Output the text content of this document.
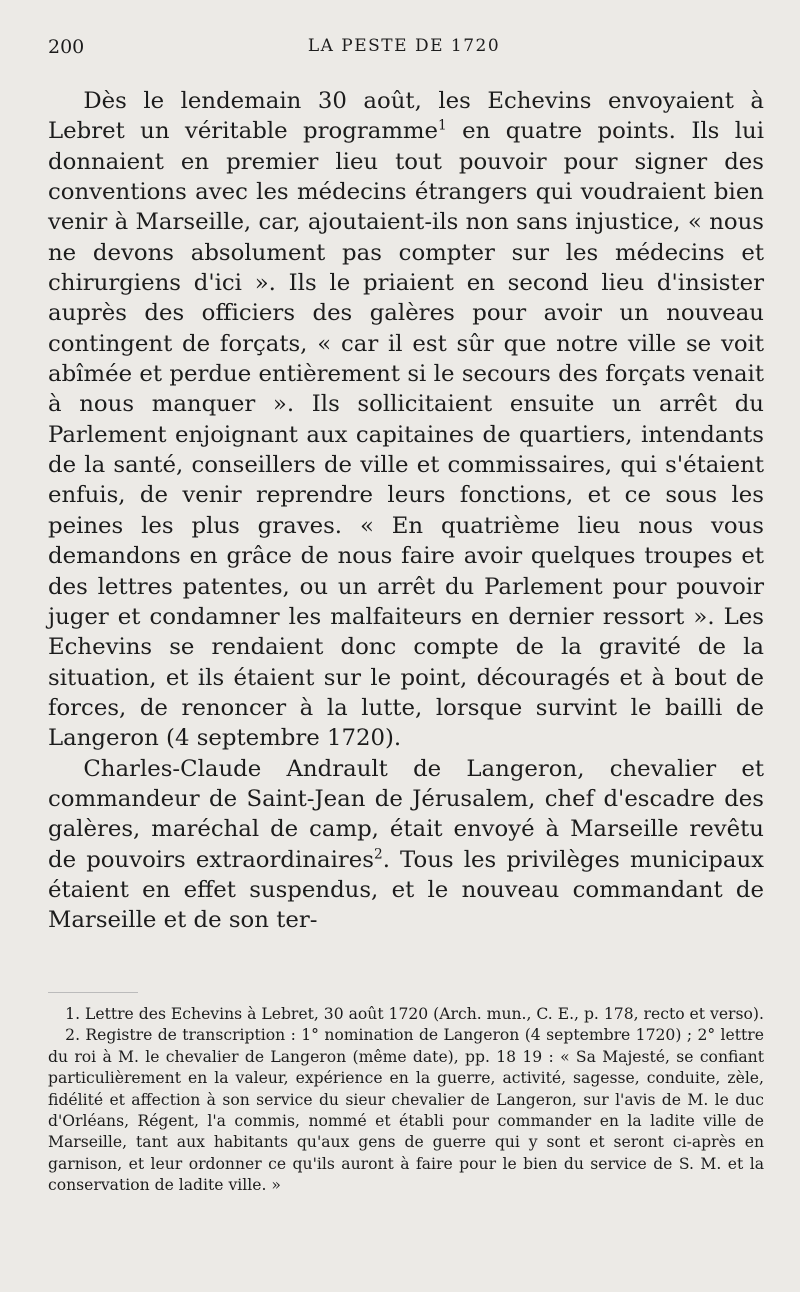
200	LA PESTE DE 1720

Dès le lendemain 30 août, les Echevins envoyaient à Lebret un véritable programme$^1$ en quatre points. Ils lui donnaient en premier lieu tout pouvoir pour signer des conventions avec les médecins étrangers qui voudraient bien venir à Marseille, car, ajoutaient-ils non sans injustice, « nous ne devons absolument pas compter sur les médecins et chirurgiens d'ici ». Ils le priaient en second lieu d'insister auprès des officiers des galères pour avoir un nouveau contingent de forçats, « car il est sûr que notre ville se voit abîmée et perdue entièrement si le secours des forçats venait à nous manquer ». Ils sollicitaient ensuite un arrêt du Parlement enjoignant aux capitaines de quartiers, intendants de la santé, conseillers de ville et commissaires, qui s'étaient enfuis, de venir reprendre leurs fonctions, et ce sous les peines les plus graves. « En quatrième lieu nous vous demandons en grâce de nous faire avoir quelques troupes et des lettres patentes, ou un arrêt du Parlement pour pouvoir juger et condamner les malfaiteurs en dernier ressort ». Les Echevins se rendaient donc compte de la gravité de la situation, et ils étaient sur le point, découragés et à bout de forces, de renoncer à la lutte, lorsque survint le bailli de Langeron (4 septembre 1720).

Charles-Claude Andrault de Langeron, chevalier et commandeur de Saint-Jean de Jérusalem, chef d'escadre des galères, maréchal de camp, était envoyé à Marseille revêtu de pouvoirs extraordinaires$^2$. Tous les privilèges municipaux étaient en effet suspendus, et le nouveau commandant de Marseille et de son ter-

1. Lettre des Echevins à Lebret, 30 août 1720 (Arch. mun., C. E., p. 178, recto et verso).

2. Registre de transcription : 1° nomination de Langeron (4 septembre 1720) ; 2° lettre du roi à M. le chevalier de Langeron (même date), pp. 18 19 : « Sa Majesté, se confiant particulièrement en la valeur, expérience en la guerre, activité, sagesse, conduite, zèle, fidélité et affection à son service du sieur chevalier de Langeron, sur l'avis de M. le duc d'Orléans, Régent, l'a commis, nommé et établi pour commander en la ladite ville de Marseille, tant aux habitants qu'aux gens de guerre qui y sont et seront ci-après en garnison, et leur ordonner ce qu'ils auront à faire pour le bien du service de S. M. et la conservation de ladite ville. »
